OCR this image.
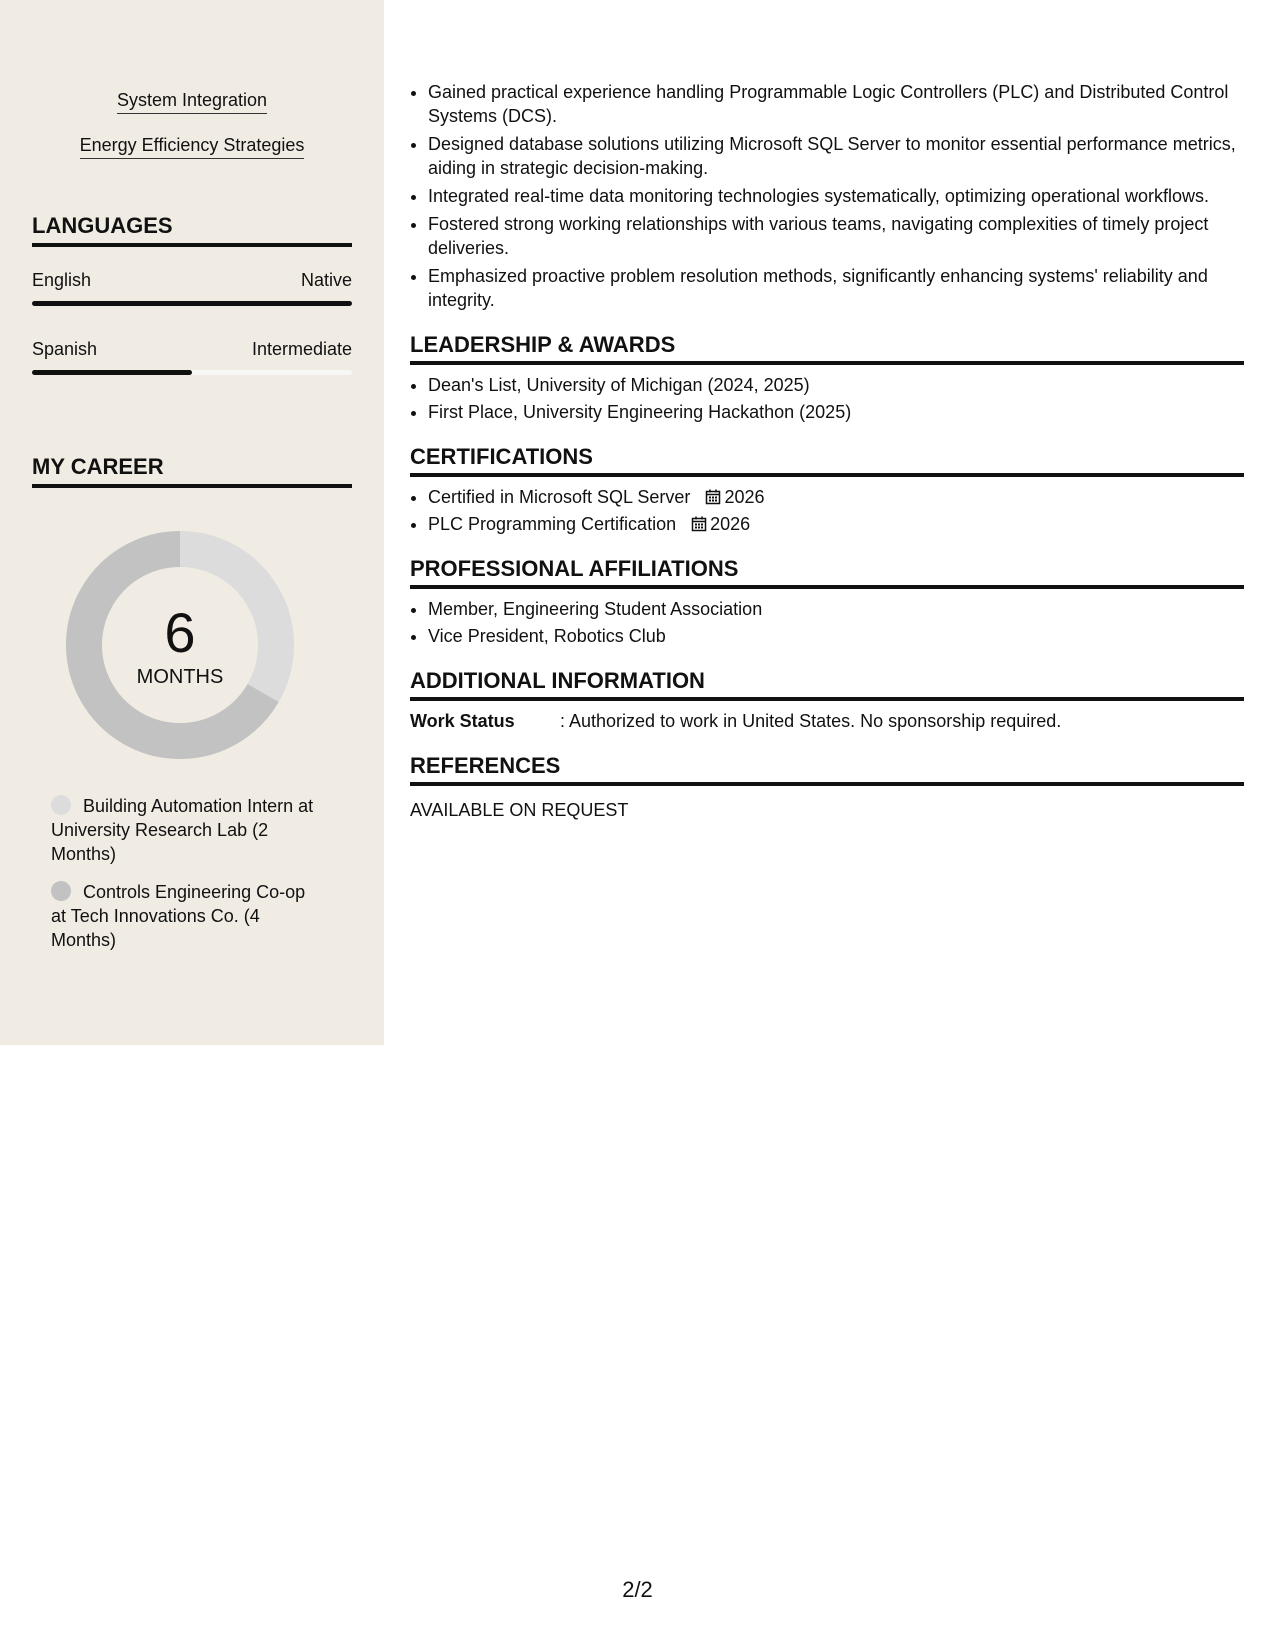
System Integration
Energy Efficiency Strategies
LANGUAGES
English	Native
Spanish	Intermediate
MY CAREER
6
MONTHS
Building Automation Intern at University Research Lab (2 Months)
Controls Engineering Co-op at Tech Innovations Co. (4 Months)
• Gained practical experience handling Programmable Logic Controllers (PLC) and Distributed Control Systems (DCS).
• Designed database solutions utilizing Microsoft SQL Server to monitor essential performance metrics, aiding in strategic decision-making.
• Integrated real-time data monitoring technologies systematically, optimizing operational workflows.
• Fostered strong working relationships with various teams, navigating complexities of timely project deliveries.
• Emphasized proactive problem resolution methods, significantly enhancing systems' reliability and integrity.
LEADERSHIP & AWARDS
• Dean's List, University of Michigan (2024, 2025)
• First Place, University Engineering Hackathon (2025)
CERTIFICATIONS
• Certified in Microsoft SQL Server 2026
• PLC Programming Certification 2026
PROFESSIONAL AFFILIATIONS
• Member, Engineering Student Association
• Vice President, Robotics Club
ADDITIONAL INFORMATION
Work Status	: Authorized to work in United States. No sponsorship required.
REFERENCES
AVAILABLE ON REQUEST
2/2
